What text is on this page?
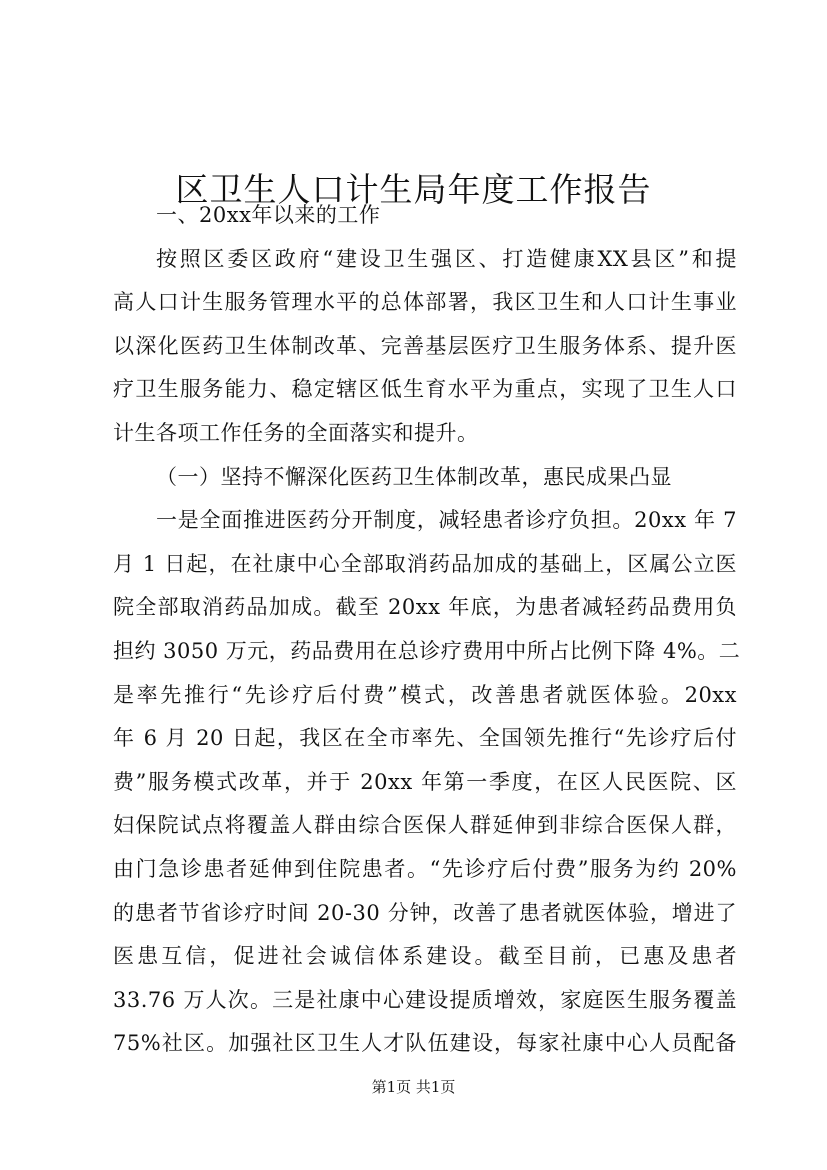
区卫生人口计生局年度工作报告
一、20xx年以来的工作
按照区委区政府“建设卫生强区、打造健康XX县区”和提
高人口计生服务管理水平的总体部署，我区卫生和人口计生事业
以深化医药卫生体制改革、完善基层医疗卫生服务体系、提升医
疗卫生服务能力、稳定辖区低生育水平为重点，实现了卫生人口
计生各项工作任务的全面落实和提升。
（一）坚持不懈深化医药卫生体制改革，惠民成果凸显
一是全面推进医药分开制度，减轻患者诊疗负担。20xx 年 7
月 1 日起，在社康中心全部取消药品加成的基础上，区属公立医
院全部取消药品加成。截至 20xx 年底，为患者减轻药品费用负
担约 3050 万元，药品费用在总诊疗费用中所占比例下降 4%。二
是率先推行“先诊疗后付费”模式，改善患者就医体验。20xx
年 6 月 20 日起，我区在全市率先、全国领先推行“先诊疗后付
费”服务模式改革，并于 20xx 年第一季度，在区人民医院、区
妇保院试点将覆盖人群由综合医保人群延伸到非综合医保人群，
由门急诊患者延伸到住院患者。“先诊疗后付费”服务为约 20%
的患者节省诊疗时间 20-30 分钟，改善了患者就医体验，增进了
医患互信，促进社会诚信体系建设。截至目前，已惠及患者
33.76 万人次。三是社康中心建设提质增效，家庭医生服务覆盖
75%社区。加强社区卫生人才队伍建设，每家社康中心人员配备
第1页 共1页
